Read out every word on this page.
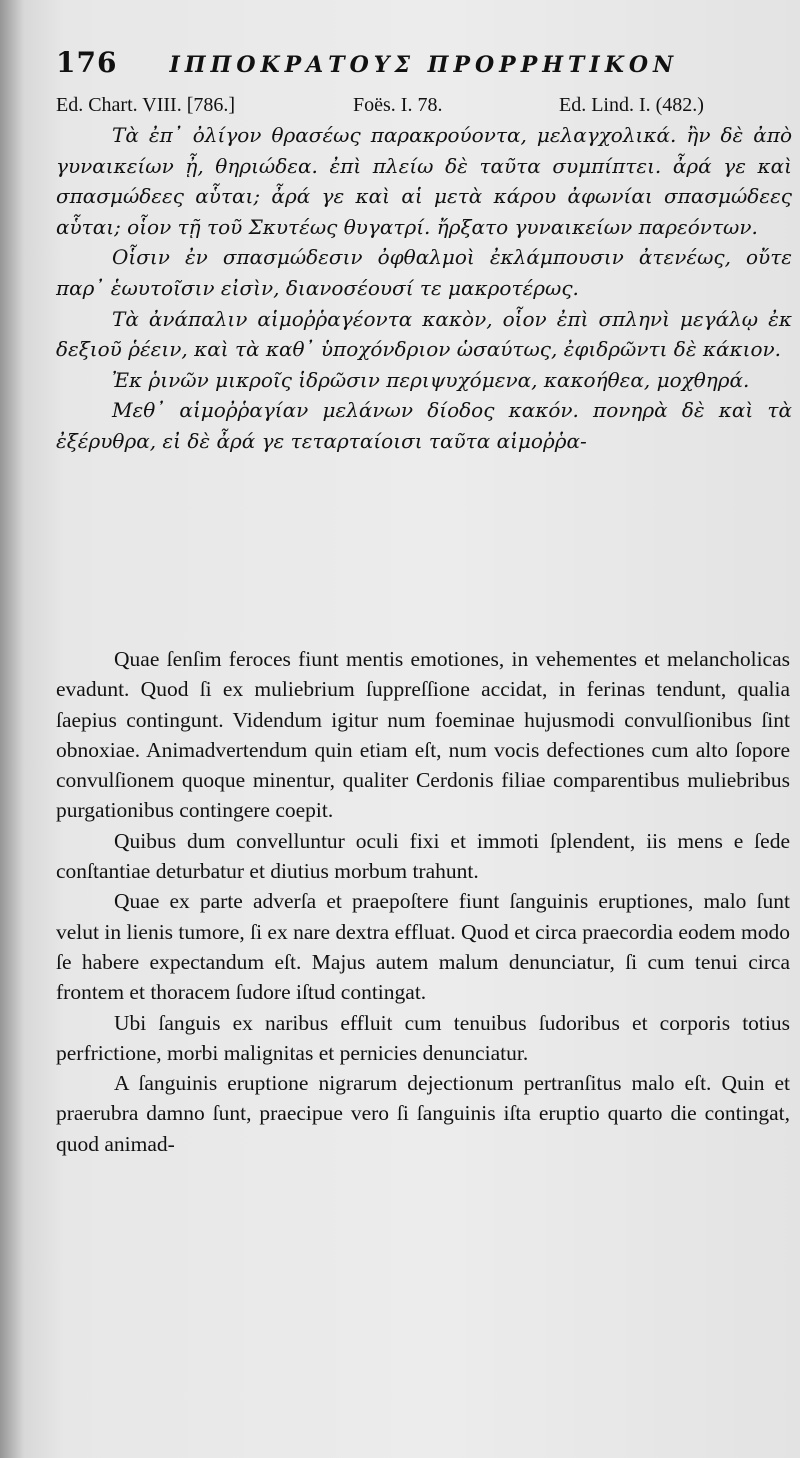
176 ΙΠΠΟΚΡΑΤΟΥΣ ΠΡΟΡΡΗΤΙΚΟΝ
Ed. Chart. VIII. [786.]	Foës. I. 78.	Ed. Lind. I. (482.)

Τὰ ἐπ᾽ ὀλίγον θρασέως παρακρούοντα, μελαγχολικά. ἢν δὲ ἀπὸ γυναικείων ᾖ, θηριώδεα. ἐπὶ πλείω δὲ ταῦτα συμπίπτει. ἆρά γε καὶ σπασμώδεες αὗται; ἆρά γε καὶ αἱ μετὰ κάρου ἀφωνίαι σπασμώδεες αὗται; οἷον τῇ τοῦ Σκυτέως θυγατρί. ἤρξατο γυναικείων παρεόντων.

Οἷσιν ἐν σπασμώδεσιν ὀφθαλμοὶ ἐκλάμπουσιν ἀτενέως, οὔτε παρ᾽ ἑωυτοῖσιν εἰσὶν, διανοσέουσί τε μακροτέρως.

Τὰ ἀνάπαλιν αἱμοῤῥαγέοντα κακὸν, οἷον ἐπὶ σπληνὶ μεγάλῳ ἐκ δεξιοῦ ῥέειν, καὶ τὰ καθ᾽ ὑποχόνδριον ὡσαύτως, ἐφιδρῶντι δὲ κάκιον.

Ἐκ ῥινῶν μικροῖς ἱδρῶσιν περιψυχόμενα, κακοήθεα, μοχθηρά.

Μεθ᾽ αἱμοῤῥαγίαν μελάνων δίοδος κακόν. πονηρὰ δὲ καὶ τὰ ἐξέρυθρα, εἰ δὲ ἆρά γε τεταρταίοισι ταῦτα αἱμοῤῥα-

Quae ſenſim feroces fiunt mentis emotiones, in vehementes et melancholicas evadunt. Quod ſi ex muliebrium ſuppreſſione accidat, in ferinas tendunt, qualia ſaepius contingunt. Videndum igitur num foeminae hujusmodi convulſionibus ſint obnoxiae. Animadvertendum quin etiam eſt, num vocis defectiones cum alto ſopore convulſionem quoque minentur, qualiter Cerdonis filiae comparentibus muliebribus purgationibus contingere coepit.

Quibus dum convelluntur oculi fixi et immoti ſplendent, iis mens e ſede conſtantiae deturbatur et diutius morbum trahunt.

Quae ex parte adverſa et praepoſtere fiunt ſanguinis eruptiones, malo ſunt velut in lienis tumore, ſi ex nare dextra effluat. Quod et circa praecordia eodem modo ſe habere expectandum eſt. Majus autem malum denunciatur, ſi cum tenui circa frontem et thoracem ſudore iſtud contingat.

Ubi ſanguis ex naribus effluit cum tenuibus ſudoribus et corporis totius perfrictione, morbi malignitas et pernicies denunciatur.

A ſanguinis eruptione nigrarum dejectionum pertranſitus malo eſt. Quin et praerubra damno ſunt, praecipue vero ſi ſanguinis iſta eruptio quarto die contingat, quod animad-
